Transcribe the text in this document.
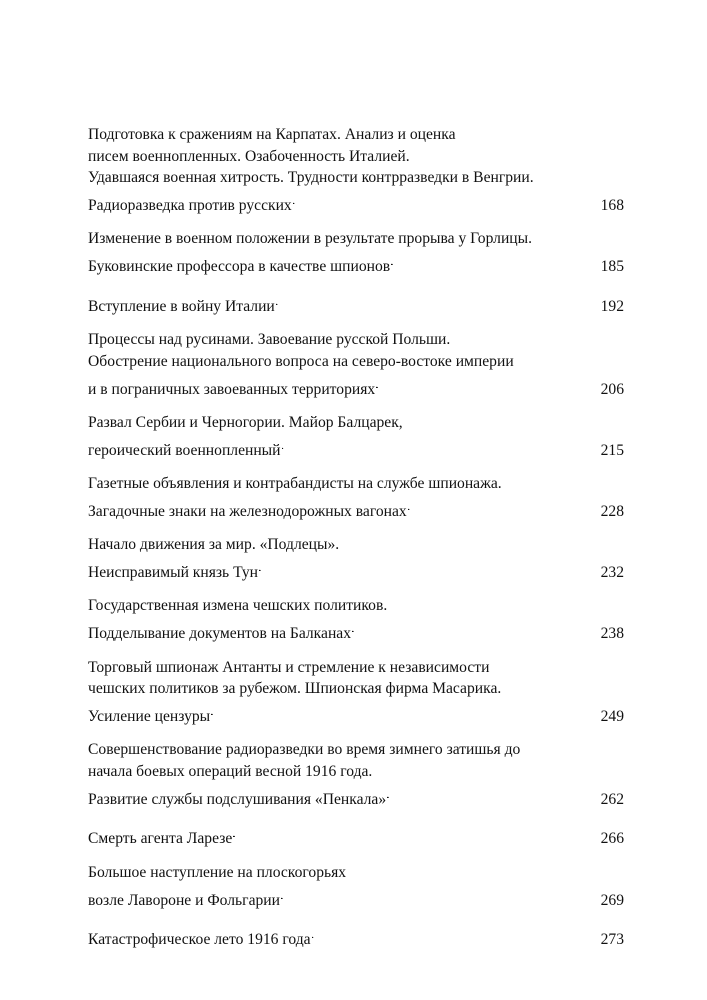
Подготовка к сражениям на Карпатах. Анализ и оценка
писем военнопленных. Озабоченность Италией.
Удавшаяся военная хитрость. Трудности контрразведки в Венгрии.
Радиоразведка против русских . . .	168
Изменение в военном положении в результате прорыва у Горлицы.
Буковинские профессора в качестве шпионов . . .	185
Вступление в войну Италии . . .	192
Процессы над русинами. Завоевание русской Польши.
Обострение национального вопроса на северо-востоке империи
и в пограничных завоеванных территориях . . .	206
Развал Сербии и Черногории. Майор Балцарек,
героический военнопленный . . .	215
Газетные объявления и контрабандисты на службе шпионажа.
Загадочные знаки на железнодорожных вагонах . . .	228
Начало движения за мир. «Подлецы».
Неисправимый князь Тун . . .	232
Государственная измена чешских политиков.
Подделывание документов на Балканах . . .	238
Торговый шпионаж Антанты и стремление к независимости
чешских политиков за рубежом. Шпионская фирма Масарика.
Усиление цензуры . . .	249
Совершенствование радиоразведки во время зимнего затишья до
начала боевых операций весной 1916 года.
Развитие службы подслушивания «Пенкала» . . .	262
Смерть агента Ларезе . . .	266
Большое наступление на плоскогорьях
возле Лавороне и Фольгарии . . .	269
Катастрофическое лето 1916 года . . .	273
